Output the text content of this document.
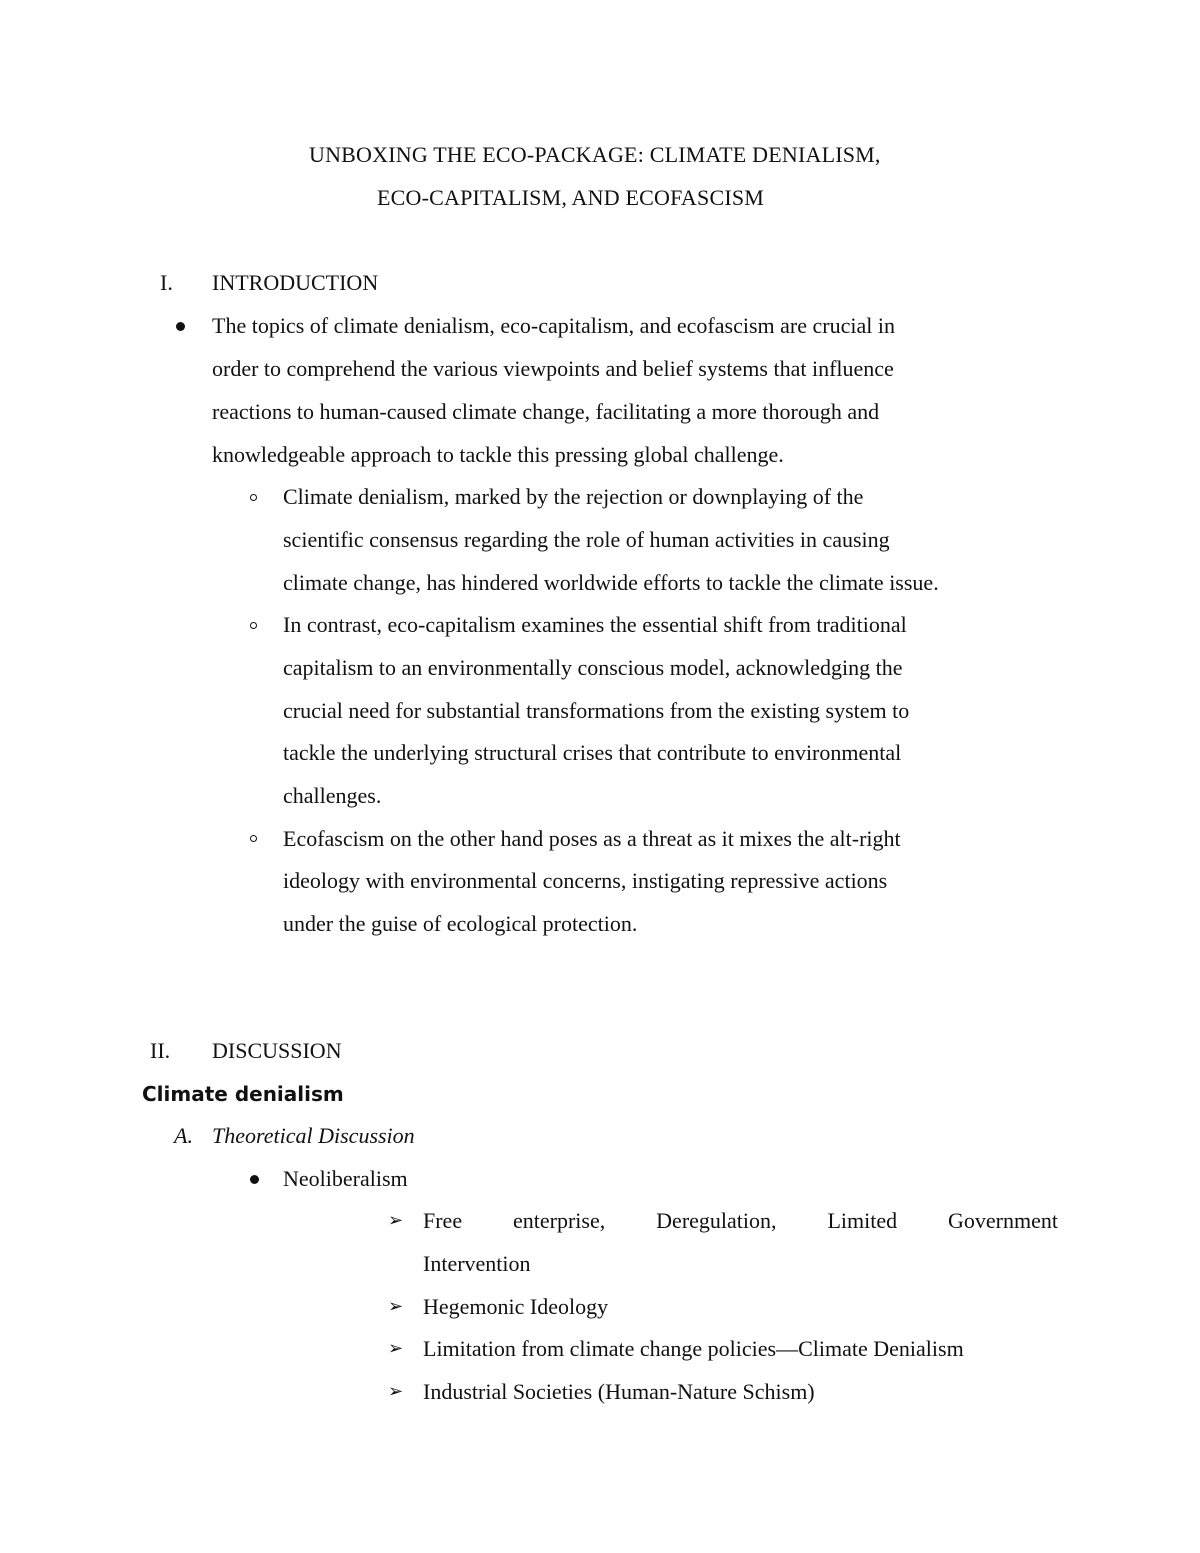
UNBOXING THE ECO-PACKAGE: CLIMATE DENIALISM,
ECO-CAPITALISM, AND ECOFASCISM
I. INTRODUCTION
The topics of climate denialism, eco-capitalism, and ecofascism are crucial in
order to comprehend the various viewpoints and belief systems that influence
reactions to human-caused climate change, facilitating a more thorough and
knowledgeable approach to tackle this pressing global challenge.
Climate denialism, marked by the rejection or downplaying of the
scientific consensus regarding the role of human activities in causing
climate change, has hindered worldwide efforts to tackle the climate issue.
In contrast, eco-capitalism examines the essential shift from traditional
capitalism to an environmentally conscious model, acknowledging the
crucial need for substantial transformations from the existing system to
tackle the underlying structural crises that contribute to environmental
challenges.
Ecofascism on the other hand poses as a threat as it mixes the alt-right
ideology with environmental concerns, instigating repressive actions
under the guise of ecological protection.
II. DISCUSSION
Climate denialism
A. Theoretical Discussion
Neoliberalism
➢ Free enterprise, Deregulation, Limited Government
Intervention
➢ Hegemonic Ideology
➢ Limitation from climate change policies—Climate Denialism
➢ Industrial Societies (Human-Nature Schism)
